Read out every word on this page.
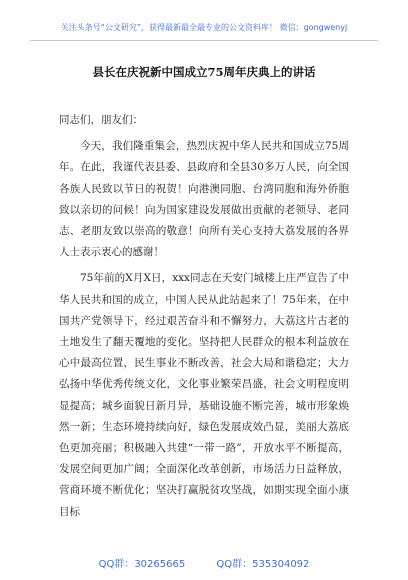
关注头条号“公文研究”，获得最新最全最专业的公文资料库！ 微信：gongwenyj
县长在庆祝新中国成立75周年庆典上的讲话

同志们，朋友们：

今天，我们隆重集会，热烈庆祝中华人民共和国成立75周年。在此，我谨代表县委、县政府和全县30多万人民，向全国各族人民致以节日的祝贺！向港澳同胞、台湾同胞和海外侨胞致以亲切的问候！向为国家建设发展做出贡献的老领导、老同志、老朋友致以崇高的敬意！向所有关心支持大荔发展的各界人士表示衷心的感谢！

75年前的X月X日，xxx同志在天安门城楼上庄严宣告了中华人民共和国的成立，中国人民从此站起来了！75年来，在中国共产党领导下，经过艰苦奋斗和不懈努力，大荔这片古老的土地发生了翻天覆地的变化。坚持把人民群众的根本利益放在心中最高位置，民生事业不断改善，社会大局和谐稳定；大力弘扬中华优秀传统文化，文化事业繁荣昌盛，社会文明程度明显提高；城乡面貌日新月异，基础设施不断完善，城市形象焕然一新；生态环境持续向好，绿色发展成效凸显，美丽大荔底色更加亮丽；积极融入共建“一带一路”，开放水平不断提高，发展空间更加广阔；全面深化改革创新，市场活力日益释放，营商环境不断优化；坚决打赢脱贫攻坚战，如期实现全面小康目标

QQ群：30265665	QQ群：535304092
